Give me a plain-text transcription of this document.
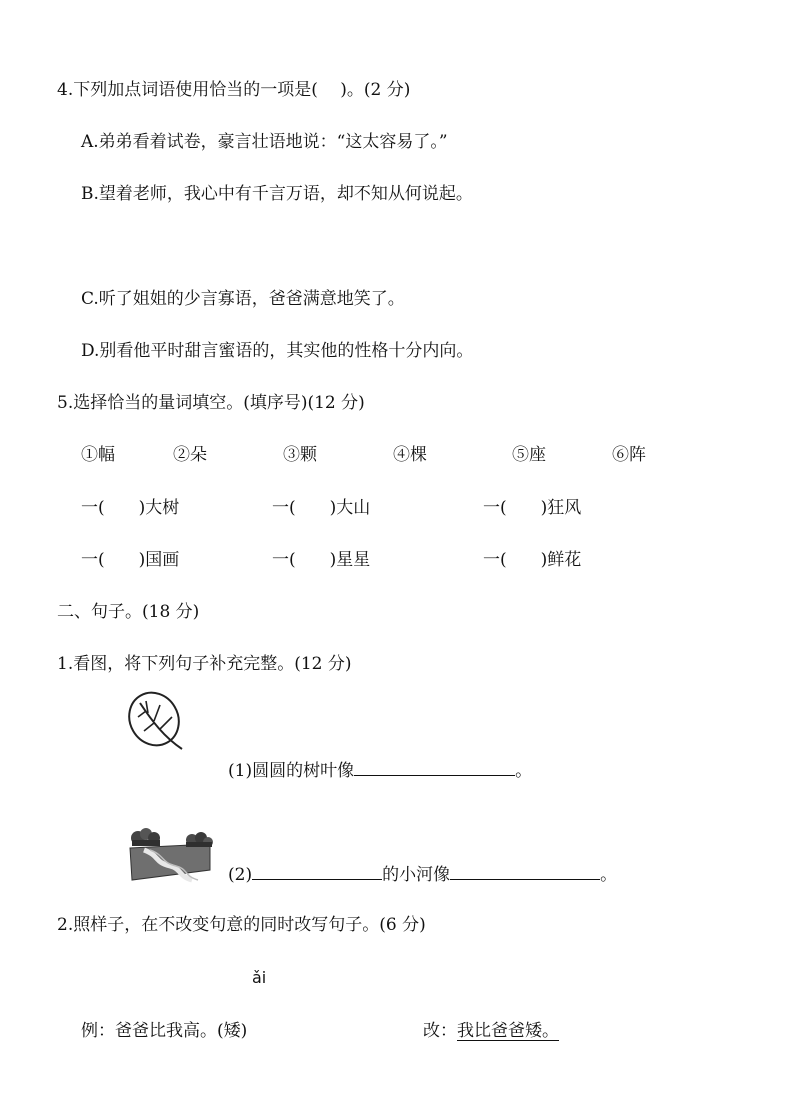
4.下列加点词语使用恰当的一项是(　 )。(2 分)
A.弟弟看着试卷，豪言壮语地说：“这太容易了。”
B.望着老师，我心中有千言万语，却不知从何说起。
C.听了姐姐的少言寡语，爸爸满意地笑了。
D.别看他平时甜言蜜语的，其实他的性格十分内向。
5.选择恰当的量词填空。(填序号)(12 分)
①幅	②朵	③颗	④棵	⑤座	⑥阵
一(　　)大树	一(　　)大山	一(　　)狂风
一(　　)国画	一(　　)星星	一(　　)鲜花
二、句子。(18 分)
1.看图，将下列句子补充完整。(12 分)
(1)圆圆的树叶像	。
(2)	的小河像	。
2.照样子，在不改变句意的同时改写句子。(6 分)
ǎi
例：爸爸比我高。(矮)	改：我比爸爸矮。
